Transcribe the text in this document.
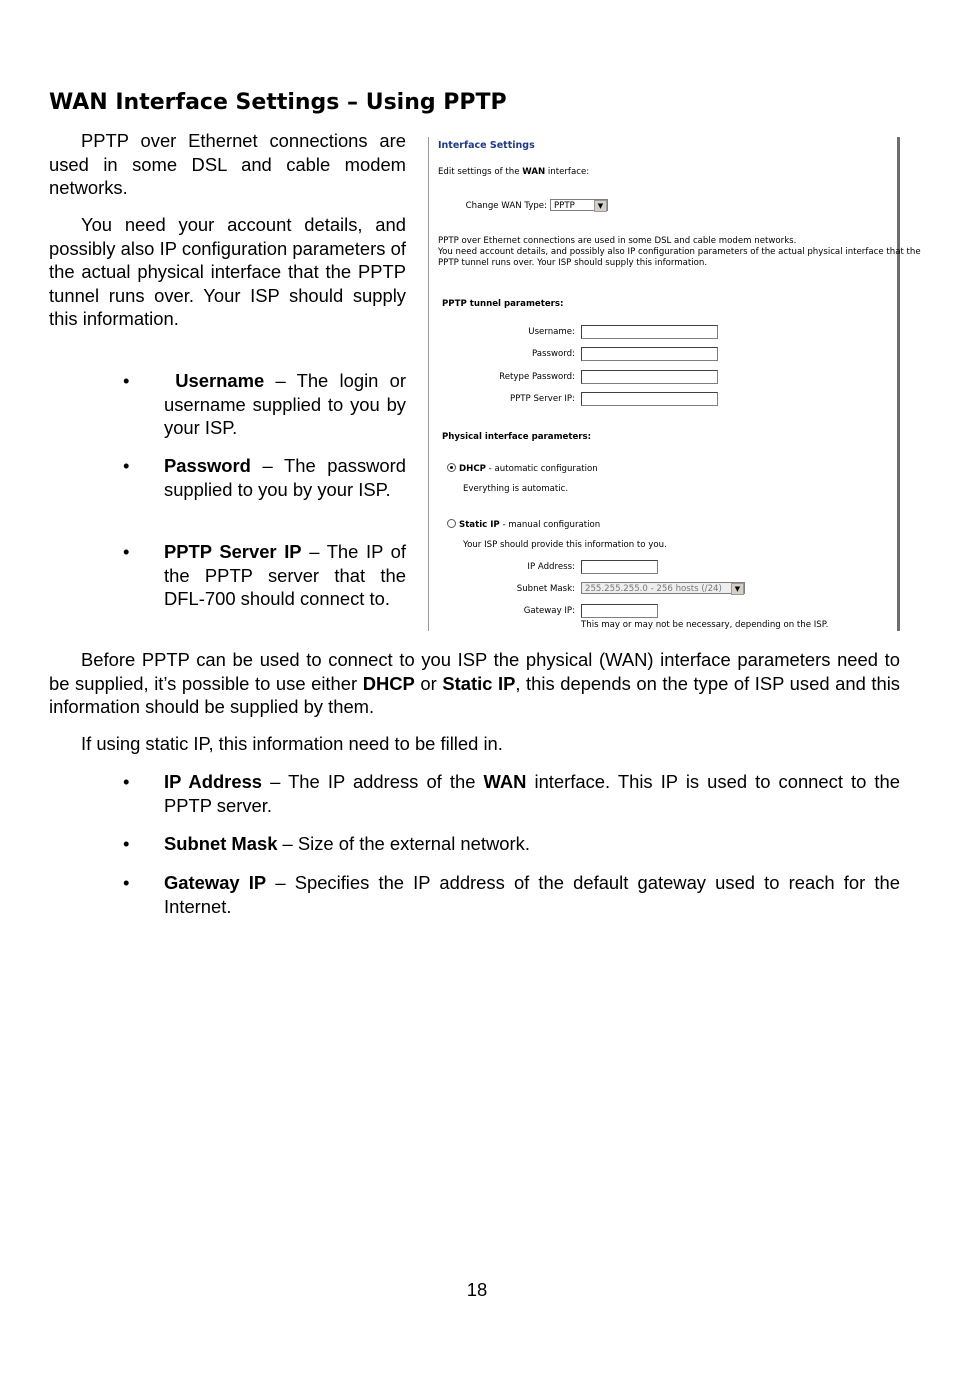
WAN Interface Settings – Using PPTP
PPTP over Ethernet connections are used in some DSL and cable modem networks.
You need your account details, and possibly also IP configuration parameters of the actual physical interface that the PPTP tunnel runs over. Your ISP should supply this information.
• Username – The login or username supplied to you by your ISP.
• Password – The password supplied to you by your ISP.
• PPTP Server IP – The IP of the PPTP server that the DFL-700 should connect to.
Interface Settings
Edit settings of the WAN interface:
Change WAN Type: PPTP	▼
PPTP over Ethernet connections are used in some DSL and cable modem networks.
You need account details, and possibly also IP configuration parameters of the actual physical interface that the
PPTP tunnel runs over. Your ISP should supply this information.
PPTP tunnel parameters:
Username:
Password:
Retype Password:
PPTP Server IP:
Physical interface parameters:
DHCP - automatic configuration
Everything is automatic.
Static IP - manual configuration
Your ISP should provide this information to you.
IP Address:
Subnet Mask:	255.255.255.0 - 256 hosts (/24)	▼
Gateway IP:
This may or may not be necessary, depending on the ISP.
Before PPTP can be used to connect to you ISP the physical (WAN) interface parameters need to be supplied, it’s possible to use either DHCP or Static IP, this depends on the type of ISP used and this information should be supplied by them.
If using static IP, this information need to be filled in.
• IP Address – The IP address of the WAN interface. This IP is used to connect to the PPTP server.
• Subnet Mask – Size of the external network.
• Gateway IP – Specifies the IP address of the default gateway used to reach for the Internet.
18
